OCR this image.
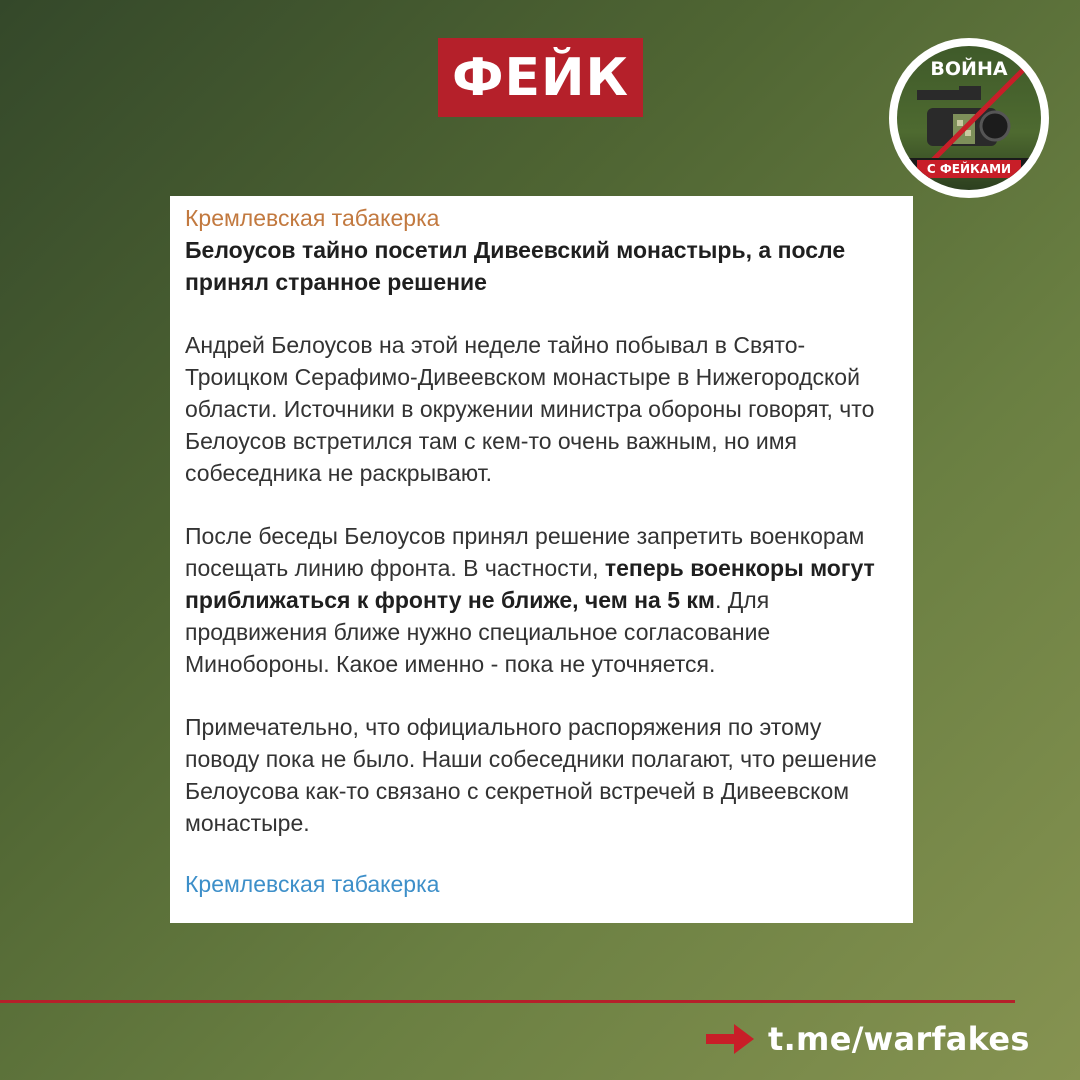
ФЕЙК	ВОЙНА
С ФЕЙКАМИ
Кремлевская табакерка
Белоусов тайно посетил Дивеевский монастырь, а после принял странное решение
Андрей Белоусов на этой неделе тайно побывал в Свято-Троицком Серафимо-Дивеевском монастыре в Нижегородской области. Источники в окружении министра обороны говорят, что Белоусов встретился там с кем-то очень важным, но имя собеседника не раскрывают.
После беседы Белоусов принял решение запретить военкорам посещать линию фронта. В частности, теперь военкоры могут приближаться к фронту не ближе, чем на 5 км. Для продвижения ближе нужно специальное согласование Минобороны. Какое именно - пока не уточняется.
Примечательно, что официального распоряжения по этому поводу пока не было. Наши собеседники полагают, что решение Белоусова как-то связано с секретной встречей в Дивеевском монастыре.
Кремлевская табакерка
t.me/warfakes
